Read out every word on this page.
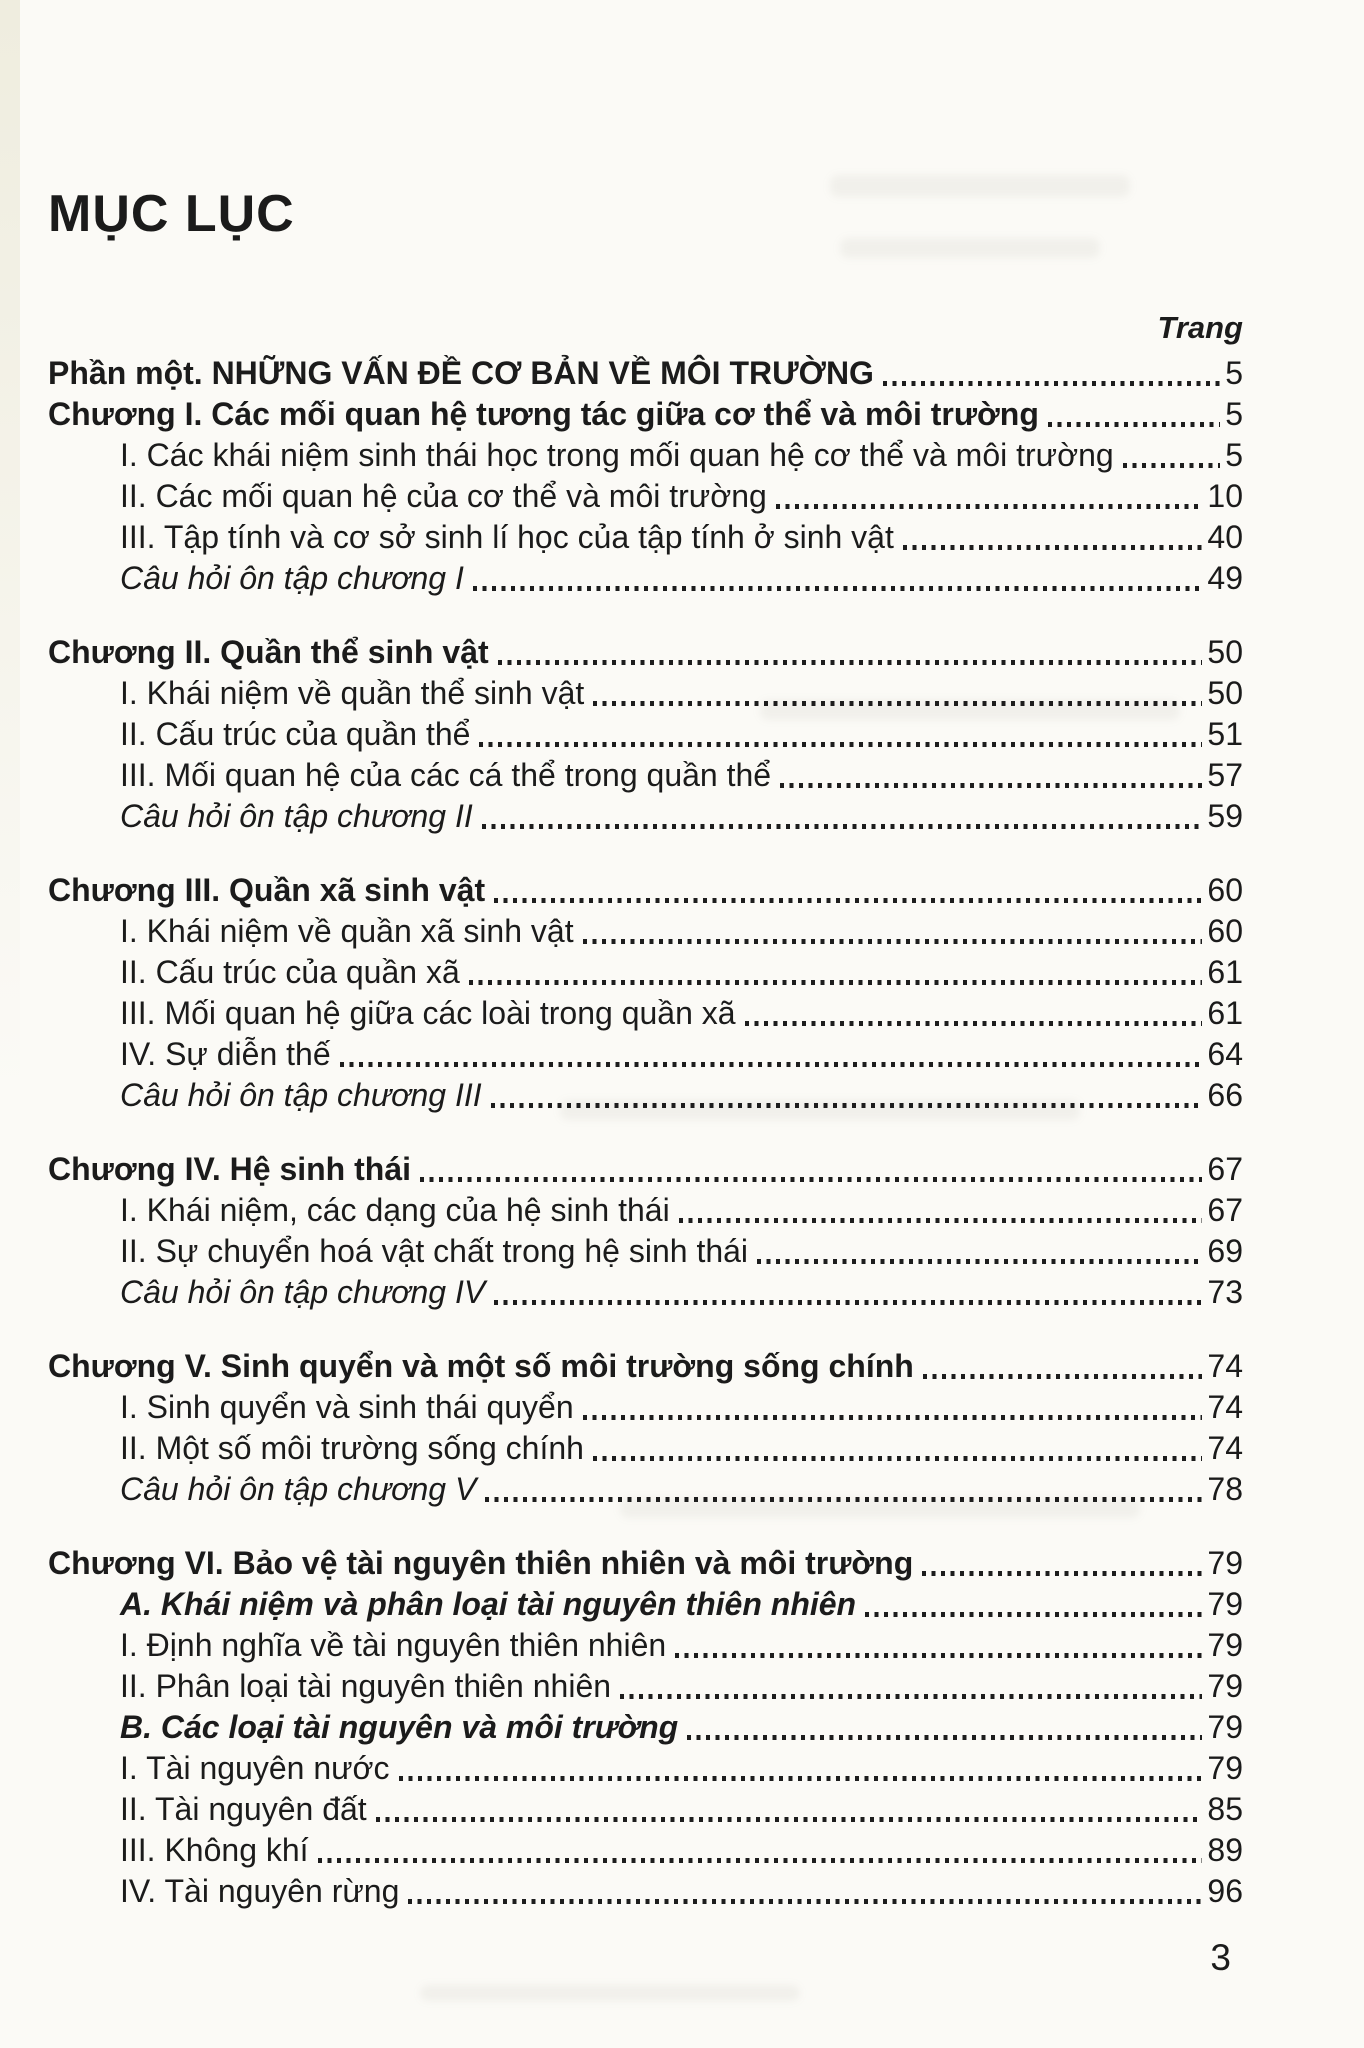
MỤC LỤC
Trang
Phần một. NHỮNG VẤN ĐỀ CƠ BẢN VỀ MÔI TRƯỜNG	5
Chương I. Các mối quan hệ tương tác giữa cơ thể và môi trường	5
I. Các khái niệm sinh thái học trong mối quan hệ cơ thể và môi trường	5
II. Các mối quan hệ của cơ thể và môi trường	10
III. Tập tính và cơ sở sinh lí học của tập tính ở sinh vật	40
Câu hỏi ôn tập chương I	49
Chương II. Quần thể sinh vật	50
I. Khái niệm về quần thể sinh vật	50
II. Cấu trúc của quần thể	51
III. Mối quan hệ của các cá thể trong quần thể	57
Câu hỏi ôn tập chương II	59
Chương III. Quần xã sinh vật	60
I. Khái niệm về quần xã sinh vật	60
II. Cấu trúc của quần xã	61
III. Mối quan hệ giữa các loài trong quần xã	61
IV. Sự diễn thế	64
Câu hỏi ôn tập chương III	66
Chương IV. Hệ sinh thái	67
I. Khái niệm, các dạng của hệ sinh thái	67
II. Sự chuyển hoá vật chất trong hệ sinh thái	69
Câu hỏi ôn tập chương IV	73
Chương V. Sinh quyển và một số môi trường sống chính	74
I. Sinh quyển và sinh thái quyển	74
II. Một số môi trường sống chính	74
Câu hỏi ôn tập chương V	78
Chương VI. Bảo vệ tài nguyên thiên nhiên và môi trường	79
A. Khái niệm và phân loại tài nguyên thiên nhiên	79
I. Định nghĩa về tài nguyên thiên nhiên	79
II. Phân loại tài nguyên thiên nhiên	79
B. Các loại tài nguyên và môi trường	79
I. Tài nguyên nước	79
II. Tài nguyên đất	85
III. Không khí	89
IV. Tài nguyên rừng	96
3
